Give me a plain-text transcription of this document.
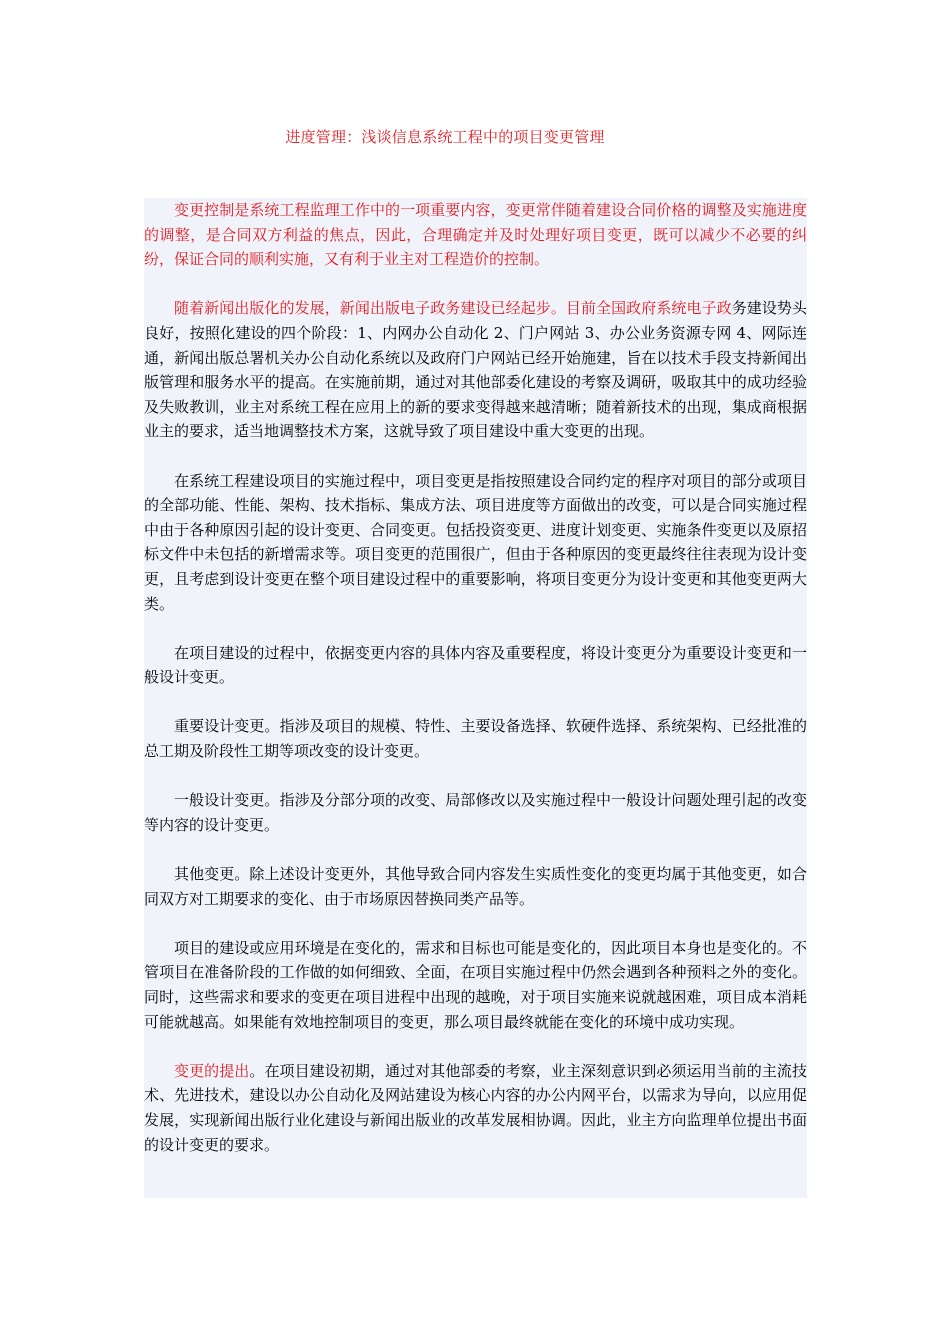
进度管理：浅谈信息系统工程中的项目变更管理

变更控制是系统工程监理工作中的一项重要内容，变更常伴随着建设合同价格的调整及实施进度的调整，是合同双方利益的焦点，因此，合理确定并及时处理好项目变更，既可以减少不必要的纠纷，保证合同的顺利实施，又有利于业主对工程造价的控制。

随着新闻出版化的发展，新闻出版电子政务建设已经起步。目前全国政府系统电子政务建设势头良好，按照化建设的四个阶段：1、内网办公自动化 2、门户网站 3、办公业务资源专网 4、网际连通，新闻出版总署机关办公自动化系统以及政府门户网站已经开始施建，旨在以技术手段支持新闻出版管理和服务水平的提高。在实施前期，通过对其他部委化建设的考察及调研，吸取其中的成功经验及失败教训，业主对系统工程在应用上的新的要求变得越来越清晰；随着新技术的出现，集成商根据业主的要求，适当地调整技术方案，这就导致了项目建设中重大变更的出现。

在系统工程建设项目的实施过程中，项目变更是指按照建设合同约定的程序对项目的部分或项目的全部功能、性能、架构、技术指标、集成方法、项目进度等方面做出的改变，可以是合同实施过程中由于各种原因引起的设计变更、合同变更。包括投资变更、进度计划变更、实施条件变更以及原招标文件中未包括的新增需求等。项目变更的范围很广，但由于各种原因的变更最终往往表现为设计变更，且考虑到设计变更在整个项目建设过程中的重要影响，将项目变更分为设计变更和其他变更两大类。

在项目建设的过程中，依据变更内容的具体内容及重要程度，将设计变更分为重要设计变更和一般设计变更。

重要设计变更。指涉及项目的规模、特性、主要设备选择、软硬件选择、系统架构、已经批准的总工期及阶段性工期等项改变的设计变更。

一般设计变更。指涉及分部分项的改变、局部修改以及实施过程中一般设计问题处理引起的改变等内容的设计变更。

其他变更。除上述设计变更外，其他导致合同内容发生实质性变化的变更均属于其他变更，如合同双方对工期要求的变化、由于市场原因替换同类产品等。

项目的建设或应用环境是在变化的，需求和目标也可能是变化的，因此项目本身也是变化的。不管项目在准备阶段的工作做的如何细致、全面，在项目实施过程中仍然会遇到各种预料之外的变化。同时，这些需求和要求的变更在项目进程中出现的越晚，对于项目实施来说就越困难，项目成本消耗可能就越高。如果能有效地控制项目的变更，那么项目最终就能在变化的环境中成功实现。

变更的提出。在项目建设初期，通过对其他部委的考察，业主深刻意识到必须运用当前的主流技术、先进技术，建设以办公自动化及网站建设为核心内容的办公内网平台，以需求为导向，以应用促发展，实现新闻出版行业化建设与新闻出版业的改革发展相协调。因此，业主方向监理单位提出书面的设计变更的要求。
